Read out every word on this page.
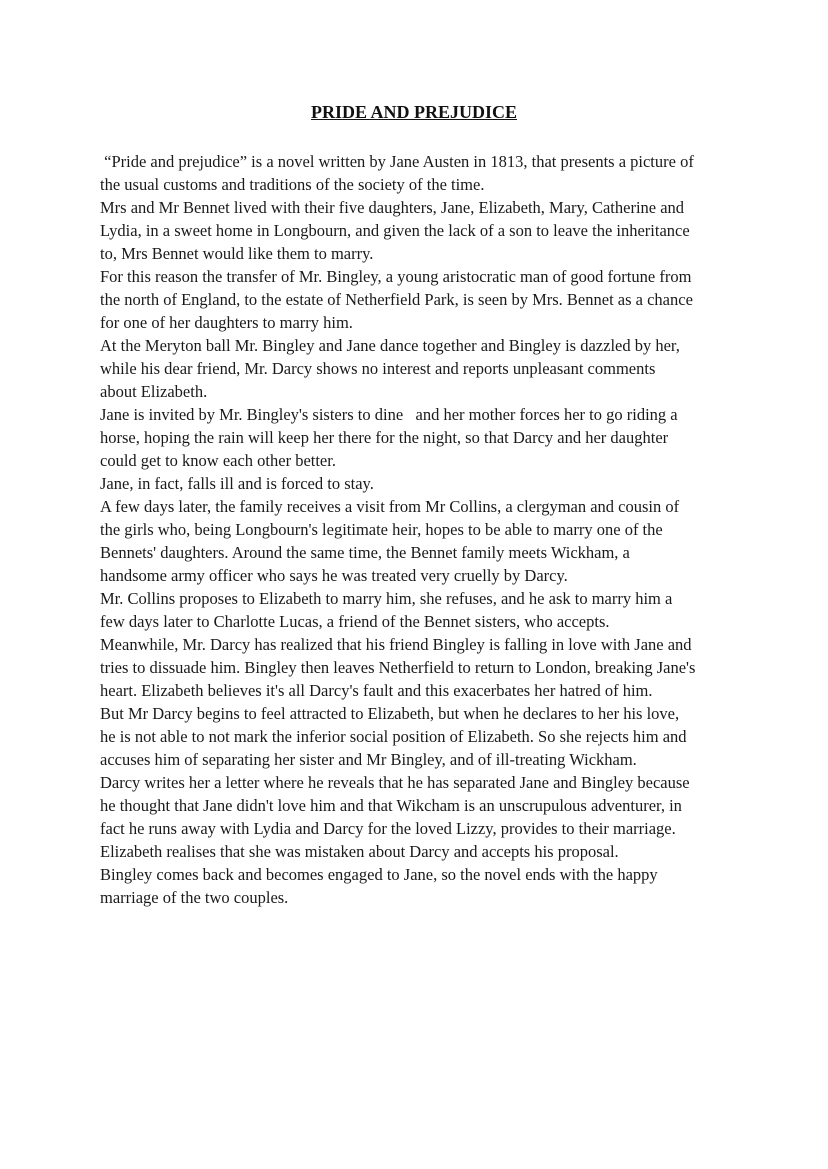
PRIDE AND PREJUDICE
“Pride and prejudice” is a novel written by Jane Austen in 1813, that presents a picture of
the usual customs and traditions of the society of the time.
Mrs and Mr Bennet lived with their five daughters, Jane, Elizabeth, Mary, Catherine and
Lydia, in a sweet home in Longbourn, and given the lack of a son to leave the inheritance
to, Mrs Bennet would like them to marry.
For this reason the transfer of Mr. Bingley, a young aristocratic man of good fortune from
the north of England, to the estate of Netherfield Park, is seen by Mrs. Bennet as a chance
for one of her daughters to marry him.
At the Meryton ball Mr. Bingley and Jane dance together and Bingley is dazzled by her,
while his dear friend, Mr. Darcy shows no interest and reports unpleasant comments
about Elizabeth.
Jane is invited by Mr. Bingley's sisters to dine   and her mother forces her to go riding a
horse, hoping the rain will keep her there for the night, so that Darcy and her daughter
could get to know each other better.
Jane, in fact, falls ill and is forced to stay.
A few days later, the family receives a visit from Mr Collins, a clergyman and cousin of
the girls who, being Longbourn's legitimate heir, hopes to be able to marry one of the
Bennets' daughters. Around the same time, the Bennet family meets Wickham, a
handsome army officer who says he was treated very cruelly by Darcy.
Mr. Collins proposes to Elizabeth to marry him, she refuses, and he ask to marry him a
few days later to Charlotte Lucas, a friend of the Bennet sisters, who accepts.
Meanwhile, Mr. Darcy has realized that his friend Bingley is falling in love with Jane and
tries to dissuade him. Bingley then leaves Netherfield to return to London, breaking Jane's
heart. Elizabeth believes it's all Darcy's fault and this exacerbates her hatred of him.
But Mr Darcy begins to feel attracted to Elizabeth, but when he declares to her his love,
he is not able to not mark the inferior social position of Elizabeth. So she rejects him and
accuses him of separating her sister and Mr Bingley, and of ill-treating Wickham.
Darcy writes her a letter where he reveals that he has separated Jane and Bingley because
he thought that Jane didn't love him and that Wikcham is an unscrupulous adventurer, in
fact he runs away with Lydia and Darcy for the loved Lizzy, provides to their marriage.
Elizabeth realises that she was mistaken about Darcy and accepts his proposal.
Bingley comes back and becomes engaged to Jane, so the novel ends with the happy
marriage of the two couples.
